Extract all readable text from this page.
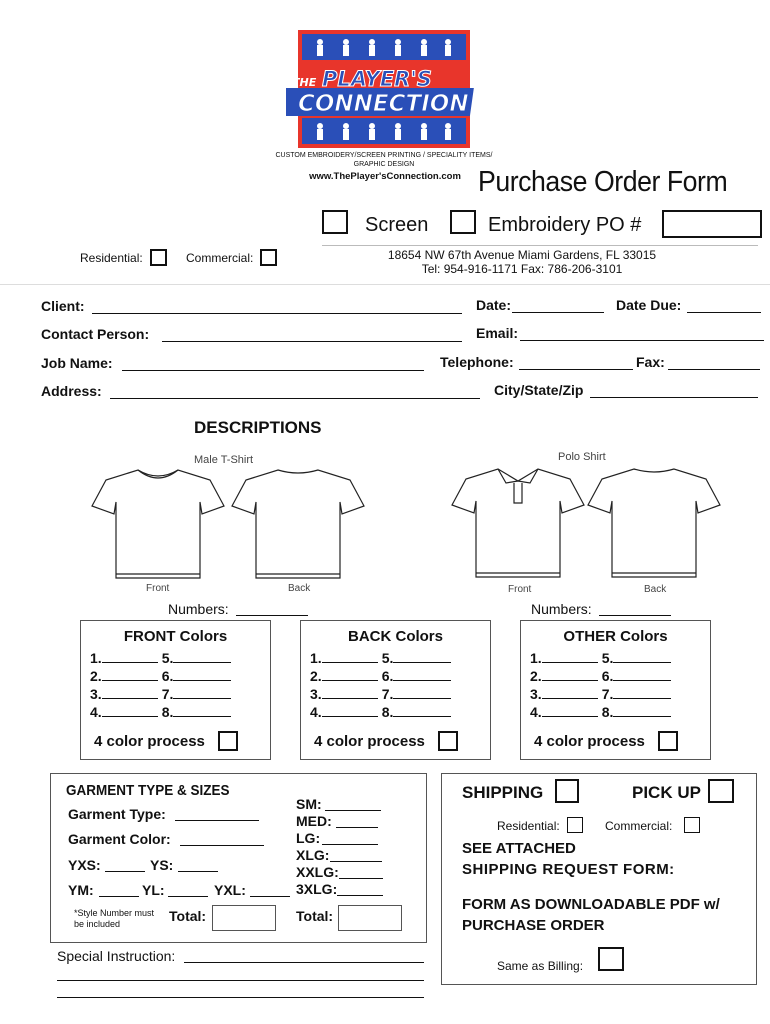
THE PLAYER'S
CONNECTION
CUSTOM EMBROIDERY/SCREEN PRINTING / SPECIALITY ITEMS/
GRAPHIC DESIGN
www.ThePlayer'sConnection.com Purchase Order Form
Screen	Embroidery PO #
18654 NW 67th Avenue Miami Gardens, FL 33015
Tel: 954-916-1171 Fax: 786-206-3101
Residential:	Commercial:
Client:	Date:	Date Due:
Contact Person:	Email:
Job Name:	Telephone:	Fax:
Address:	City/State/Zip
DESCRIPTIONS
Male T-Shirt	Polo Shirt
Front	Back	Front	Back
Numbers:	Numbers:
FRONT Colors	BACK Colors	OTHER Colors
1.	5.
2.	6.
3.	7.
4.	8.
4 color process
1.	5.
2.	6.
3.	7.
4.	8.
4 color process
1.	5.
2.	6.
3.	7.
4.	8.
4 color process
GARMENT TYPE & SIZES
Garment Type:
Garment Color:
YXS:	YS:
YM:	YL:	YXL:
SM:
MED:
LG:
XLG:
XXLG:
3XLG:
*Style Number must be included	Total:	Total:
SHIPPING	PICK UP
Residential:	Commercial:
SEE ATTACHED
SHIPPING REQUEST FORM:
FORM AS DOWNLOADABLE PDF w/
PURCHASE ORDER
Same as Billing:
Special Instruction:
